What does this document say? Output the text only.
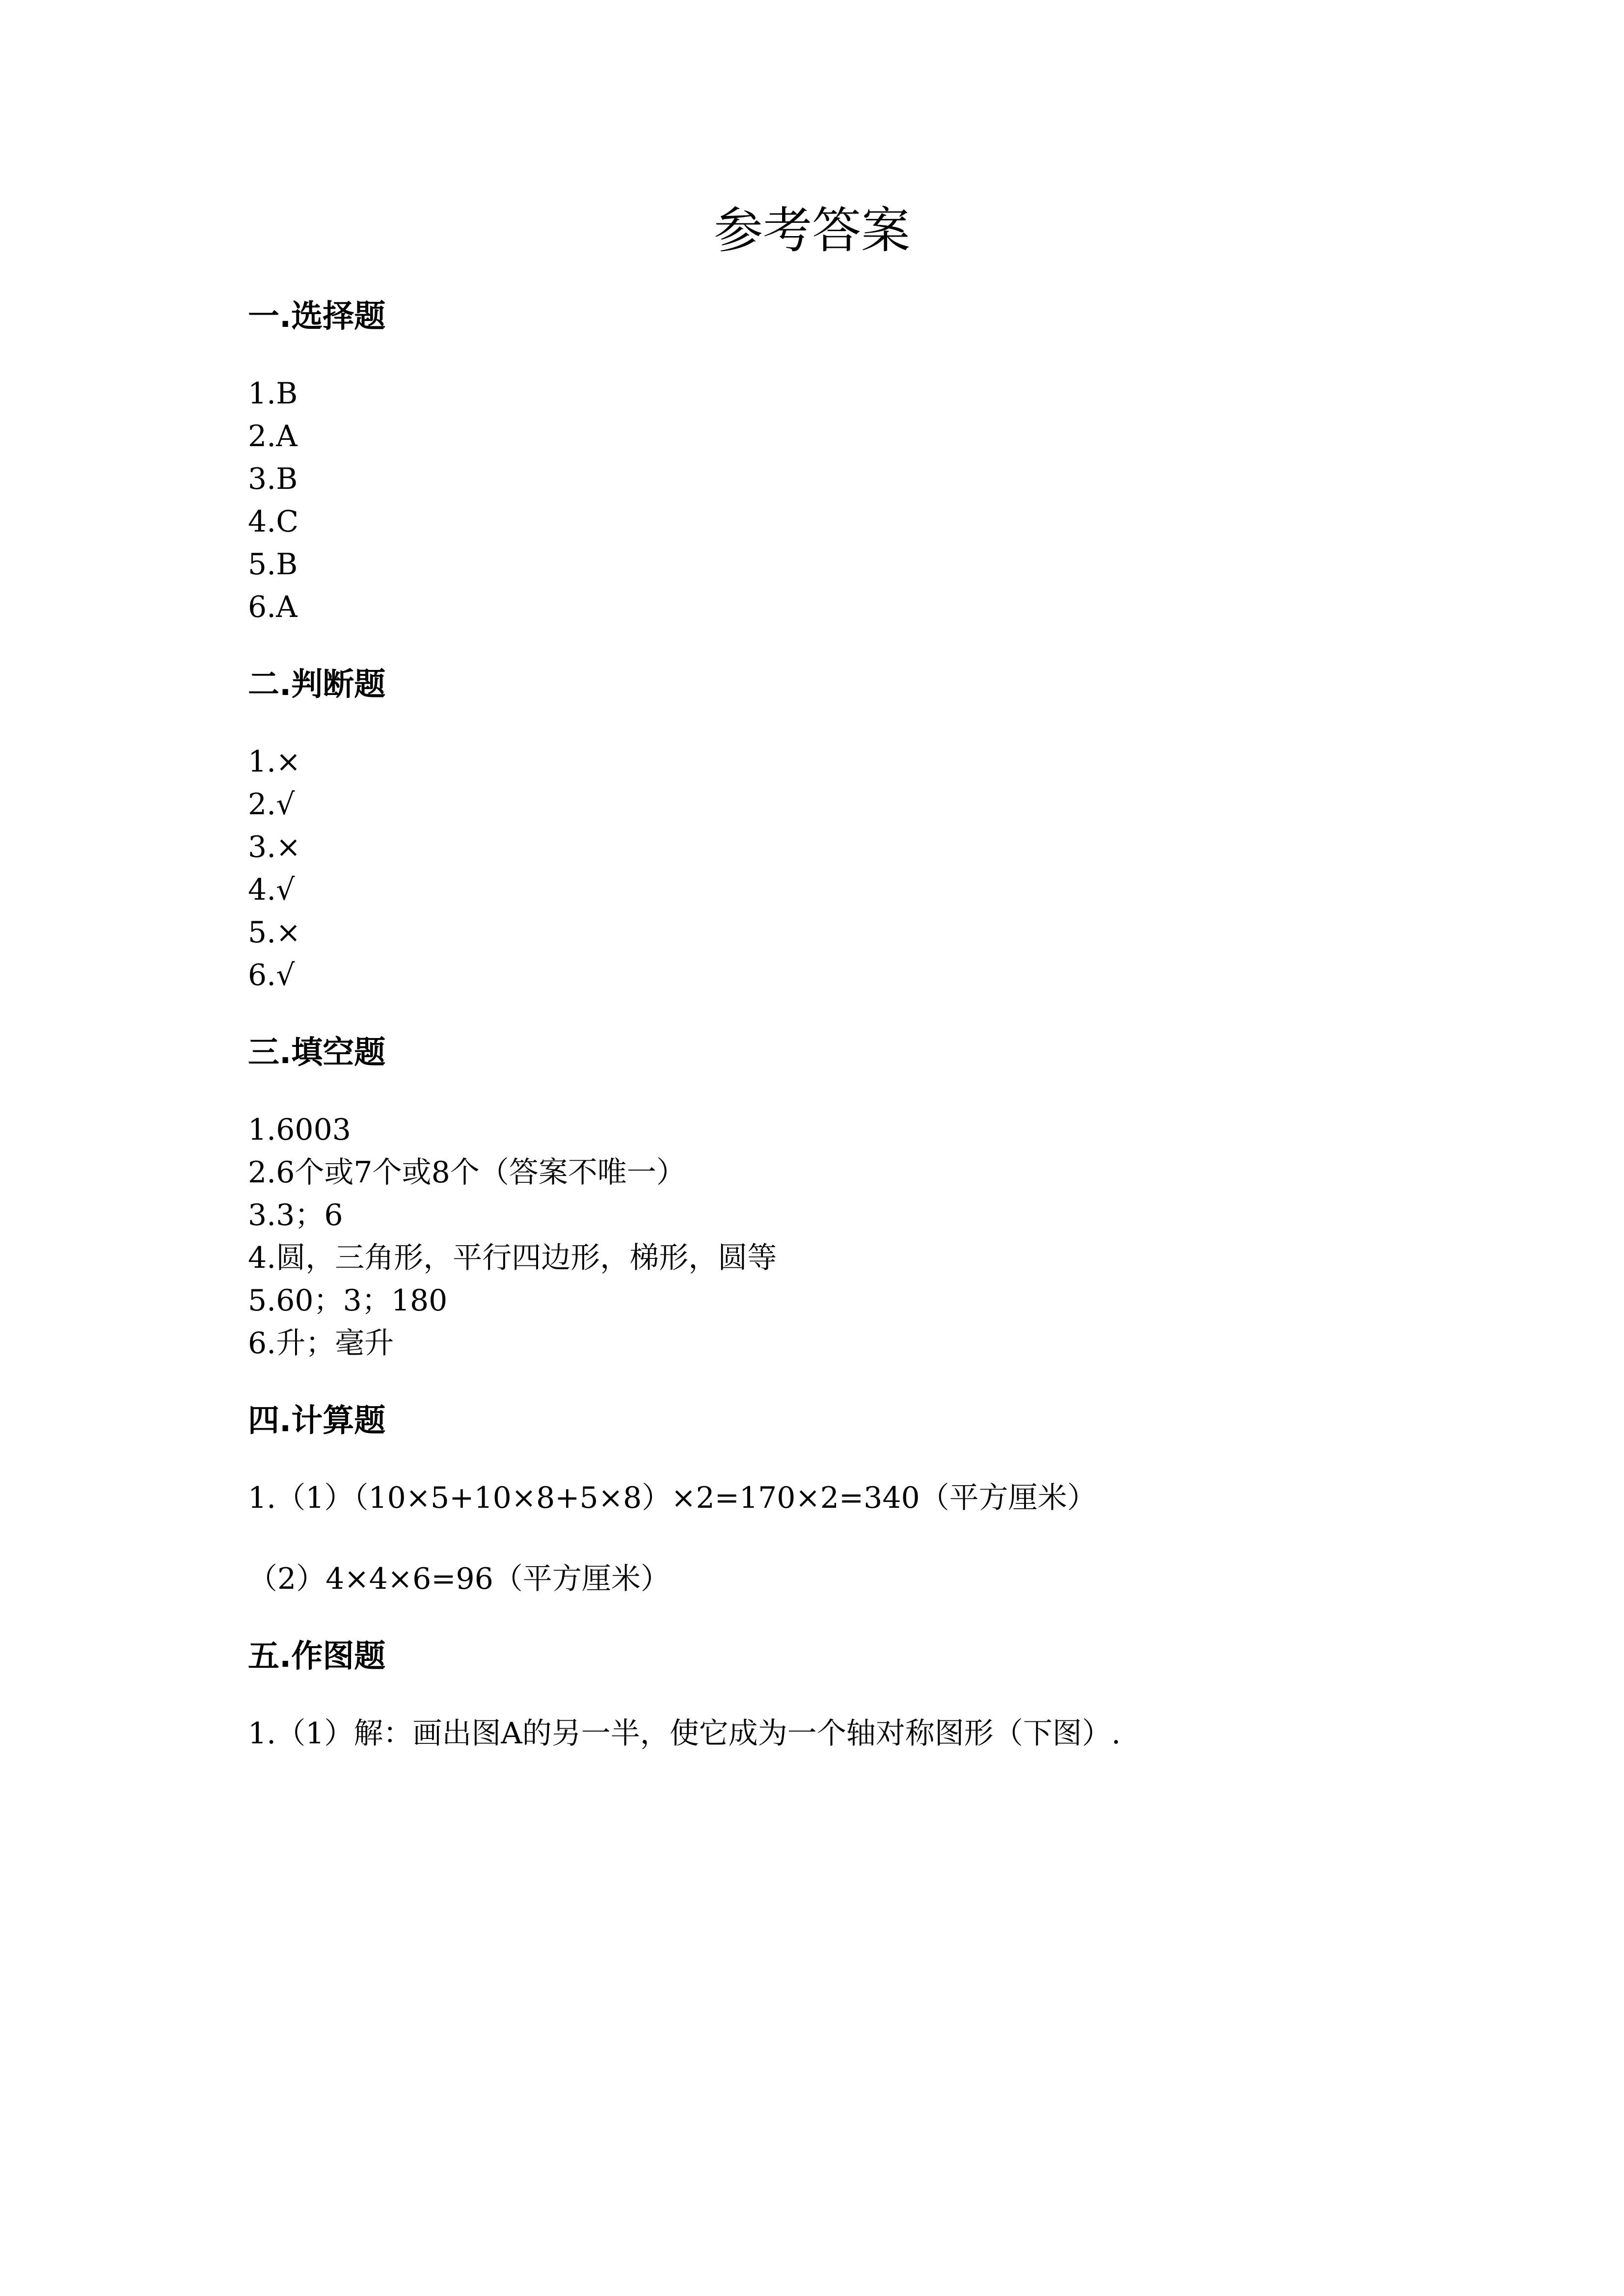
参考答案
一.选择题
1.B
2.A
3.B
4.C
5.B
6.A
二.判断题
1.×
2.√
3.×
4.√
5.×
6.√
三.填空题
1.6003
2.6个或7个或8个（答案不唯一）
3.3；6
4.圆，三角形，平行四边形，梯形，圆等
5.60；3；180
6.升；毫升
四.计算题
1.（1）（10×5+10×8+5×8）×2=170×2=340（平方厘米）
（2）4×4×6=96（平方厘米）
五.作图题
1.（1）解：画出图A的另一半，使它成为一个轴对称图形（下图）.
